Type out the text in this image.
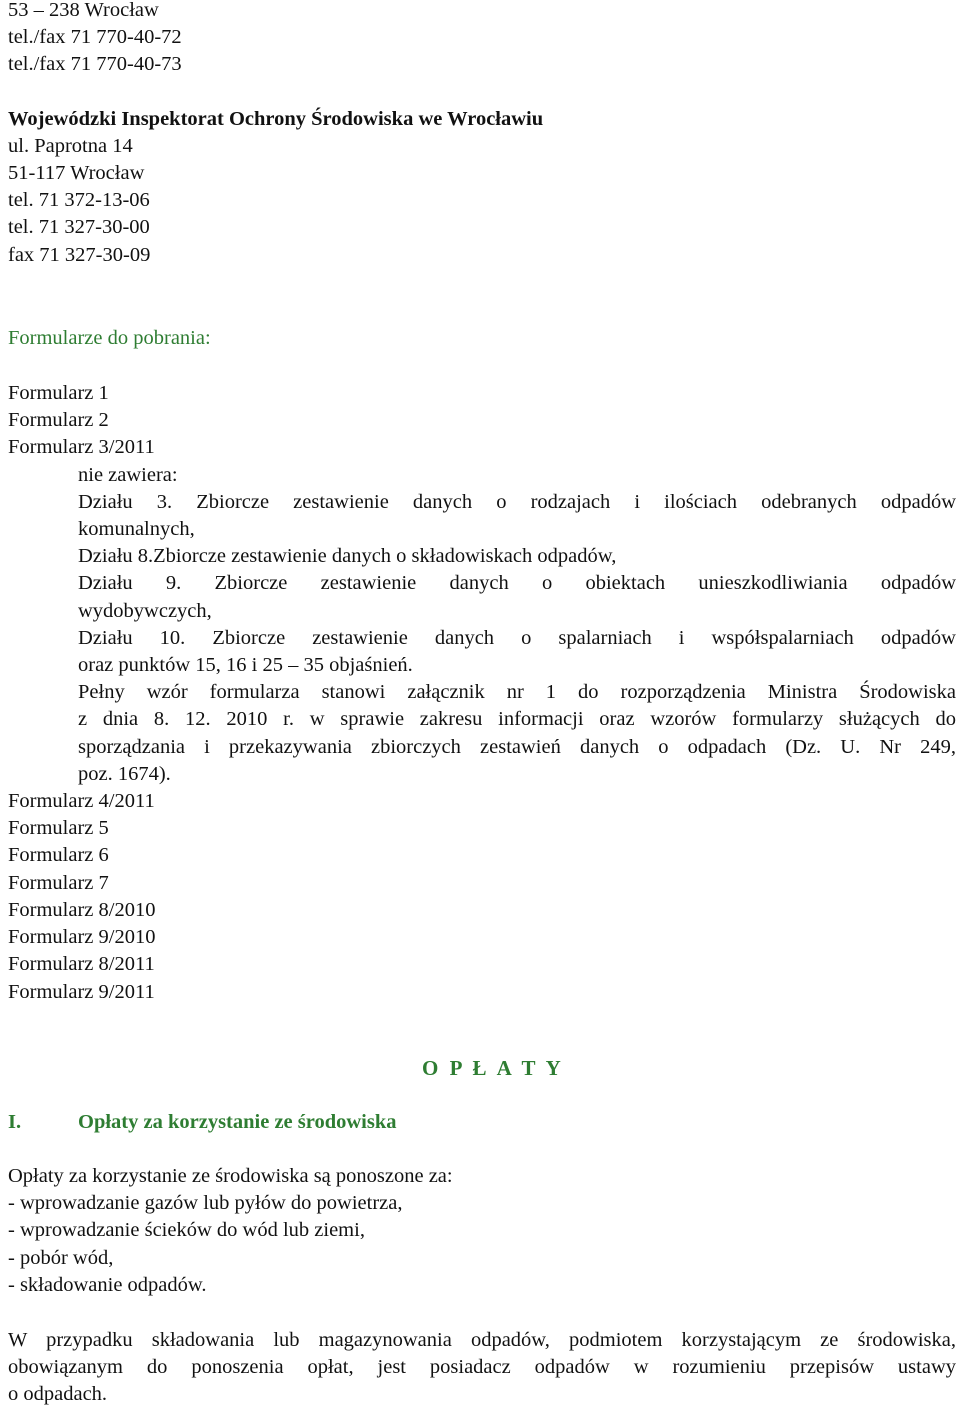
53 – 238 Wrocław
tel./fax 71 770-40-72
tel./fax 71 770-40-73
Wojewódzki Inspektorat Ochrony Środowiska we Wrocławiu
ul. Paprotna 14
51-117 Wrocław
tel. 71 372-13-06
tel. 71 327-30-00
fax 71 327-30-09
Formularze do pobrania:
Formularz 1
Formularz 2
Formularz 3/2011
nie zawiera:
Działu 3. Zbiorcze zestawienie danych o rodzajach i ilościach odebranych odpadów
komunalnych,
Działu 8.Zbiorcze zestawienie danych o składowiskach odpadów,
Działu 9. Zbiorcze zestawienie danych o obiektach unieszkodliwiania odpadów
wydobywczych,
Działu 10. Zbiorcze zestawienie danych o spalarniach i współspalarniach odpadów
oraz punktów 15, 16 i 25 – 35 objaśnień.
Pełny wzór formularza stanowi załącznik nr 1 do rozporządzenia Ministra Środowiska
z dnia 8. 12. 2010 r. w sprawie zakresu informacji oraz wzorów formularzy służących do
sporządzania i przekazywania zbiorczych zestawień danych o odpadach (Dz. U. Nr 249,
poz. 1674).
Formularz 4/2011
Formularz 5
Formularz 6
Formularz 7
Formularz 8/2010
Formularz 9/2010
Formularz 8/2011
Formularz 9/2011
O P Ł A T Y
I.	Opłaty za korzystanie ze środowiska
Opłaty za korzystanie ze środowiska są ponoszone za:
- wprowadzanie gazów lub pyłów do powietrza,
- wprowadzanie ścieków do wód lub ziemi,
- pobór wód,
- składowanie odpadów.
W przypadku składowania lub magazynowania odpadów, podmiotem korzystającym ze środowiska,
obowiązanym do ponoszenia opłat, jest posiadacz odpadów w rozumieniu przepisów ustawy
o odpadach.
